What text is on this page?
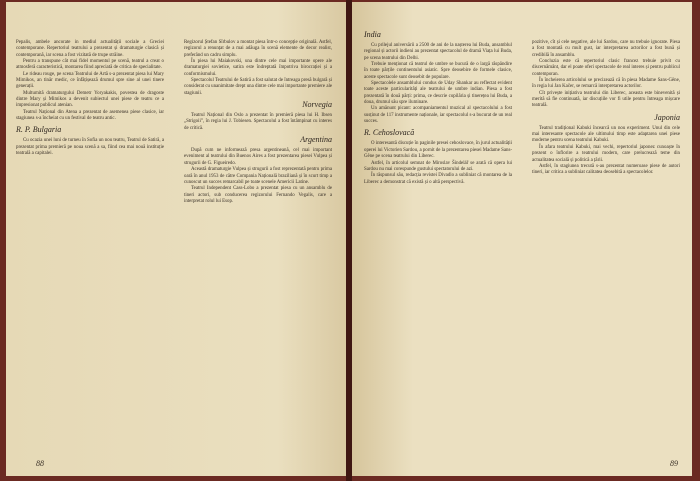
Pepalis, ambele ancorate in mediul actualității sociale a Greciei contemporane. Repertoriul teatrului a prezentat și dramaturgie clasică și contemporană, iar scena a fost vizitată de trupe străine.

Pentru a transpune cât mai fidel momentul pe scenă, teatrul a creat o atmosferă caracteristică, montarea fiind apreciată de critica de specialitate.

Le rideau rouge, pe scena Teatrului de Artă s-a prezentat piesa lui Mary Mimikos, an tinăr medic, ce înfățișează drumul spre sine al unei tinere generații.

Multumită dramaturgului Demetr Yoryakakis, povestea de dragoste dintre Mary și Mimikos a devenit subiectul unei piese de teatru ce a impresionat publicul atenian.

Teatrul Național din Atena a prezentat de asemenea piese clasice, iar stagiunea s-a încheiat cu un festival de teatru antic.

R. P. Bulgaria

Cu ocazia unei luni de turneu în Sofia un nou teatru, Teatrul de Satiră, a prezentat prima premieră pe noua scenă a sa, fiind cea mai nouă instituție teatrală a capitalei.

Regizorul Ștefan Sîrbulov a montat piesa într-o concepție originală. Astfel, regizorul a renunțat de a mai adăuga în scenă elemente de decor realist, preferând un cadru simplu.

În piesa lui Maiakovski, una dintre cele mai importante opere ale dramaturgiei sovietice, satira este îndreptată împotriva birocrației și a conformismului.

Spectacolul Teatrului de Satiră a fost salutat de întreaga presă bulgară și considerat cu unanimitate drept una dintre cele mai importante premiere ale stagiunii.

Norvegia

Teatrul Național din Oslo a prezentat în premieră piesa lui H. Ibsen „Strigoii”, în regia lui J. Tobiesen. Spectacolul a fost întâmpinat cu interes de critică.

Argentina

După cum ne informează presa argentineană, cel mai important eveniment al teatrului din Buenos Aires a fost prezentarea piesei Vulpea și strugurii de G. Figueiredo.

Această dramaturgie Vulpea și strugurii a fost reprezentată pentru prima oară în anul 1953 de către Compania Națională braziliană și în scurt timp a cunoscut un succes remarcabil pe toate scenele Americii Latine.

Teatrul Independent Cass-Lobo a prezentat piesa cu un ansamblu de tineri actori, sub conducerea regizorului Fernando Vegalis, care a interpretat rolul lui Esop.

88
India

Cu prilejul aniversării a 2500 de ani de la nașterea lui Buda, ansamblul regional și actorii indieni au prezentat spectacolul de dramă Viața lui Buda, pe scena teatrului din Delhi.

Trebuie menționat că teatrul de umbre se bucură de o largă răspândire în toate părțile continentului asiatic. Spre deosebire de formele clasice, aceste spectacole sunt deosebit de populare.

Spectacolele ansamblului condus de Uday Shankar au reflectat evident toate aceste particularități ale teatrului de umbre indian. Piesa a fost prezentată în două părți: prima, ce descrie copilăria și tinerețea lui Buda, a doua, drumul său spre iluminare.

Un amănunt picant: acompaniamentul muzical al spectacolului a fost susținut de 117 instrumente naționale, iar spectacolul s-a bucurat de un real succes.

R. Cehoslovacă

O interesantă discuție în paginile presei cehoslovace, în jurul actualității operei lui Victorien Sardou, a pornit de la prezentarea piesei Madame Sans-Gêne pe scena teatrului din Liberec.

Astfel, în articolul semnat de Miroslav Šindelář se arată că opera lui Sardou nu mai corespunde gustului spectatorului de azi.

În răspunsul său, redacția revistei Divadlo a subliniat că montarea de la Liberec a demonstrat că există și o altă perspectivă.

pozitive, cît și cele negative, ale lui Sardou, care nu trebuie ignorate. Piesa a fost montată cu mult gust, iar interpretarea actorilor a fost bună și credibilă în ansamblu.

Concluzia este că repertoriul clasic francez trebuie privit cu discernământ, dar el poate oferi spectacole de real interes și pentru publicul contemporan.

În încheierea articolului se precizează că în piesa Madame Sans-Gêne, în regia lui Jan Kačer, se remarcă interpretarea actorilor.

Cît privește inițiativa teatrului din Liberec, aceasta este binevenită și merită să fie continuată, iar discuțiile vor fi utile pentru întreaga mișcare teatrală.

Japonia

Teatrul tradițional Kabuki încearcă un nou experiment. Unul din cele mai interesante spectacole ale ultimului timp este adaptarea unei piese moderne pentru scena teatrului Kabuki.

În afara teatrului Kabuki, mai vechi, repertoriul japonez cunoaște în prezent o înflorire a teatrului modern, care prelucrează teme din actualitatea socială și politică a țării.

Astfel, în stagiunea trecută s-au prezentat numeroase piese de autori tineri, iar critica a subliniat calitatea deosebită a spectacolelor.

89
